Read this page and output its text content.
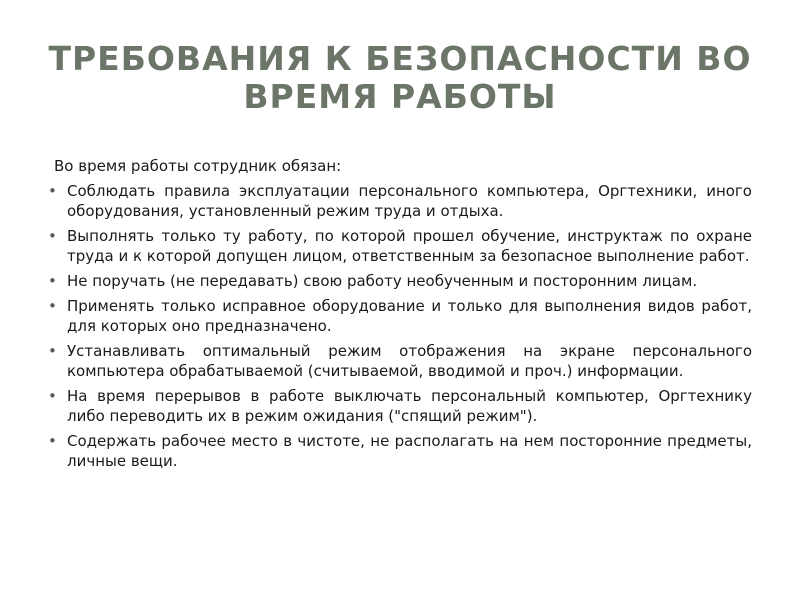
ТРЕБОВАНИЯ К БЕЗОПАСНОСТИ ВО ВРЕМЯ РАБОТЫ

Во время работы сотрудник обязан:

• Соблюдать правила эксплуатации персонального компьютера, Оргтехники, иного оборудования, установленный режим труда и отдыха.
• Выполнять только ту работу, по которой прошел обучение, инструктаж по охране труда и к которой допущен лицом, ответственным за безопасное выполнение работ.
• Не поручать (не передавать) свою работу необученным и посторонним лицам.
• Применять только исправное оборудование и только для выполнения видов работ, для которых оно предназначено.
• Устанавливать оптимальный режим отображения на экране персонального компьютера обрабатываемой (считываемой, вводимой и проч.) информации.
• На время перерывов в работе выключать персональный компьютер, Оргтехнику либо переводить их в режим ожидания ("спящий режим").
• Содержать рабочее место в чистоте, не располагать на нем посторонние предметы, личные вещи.
